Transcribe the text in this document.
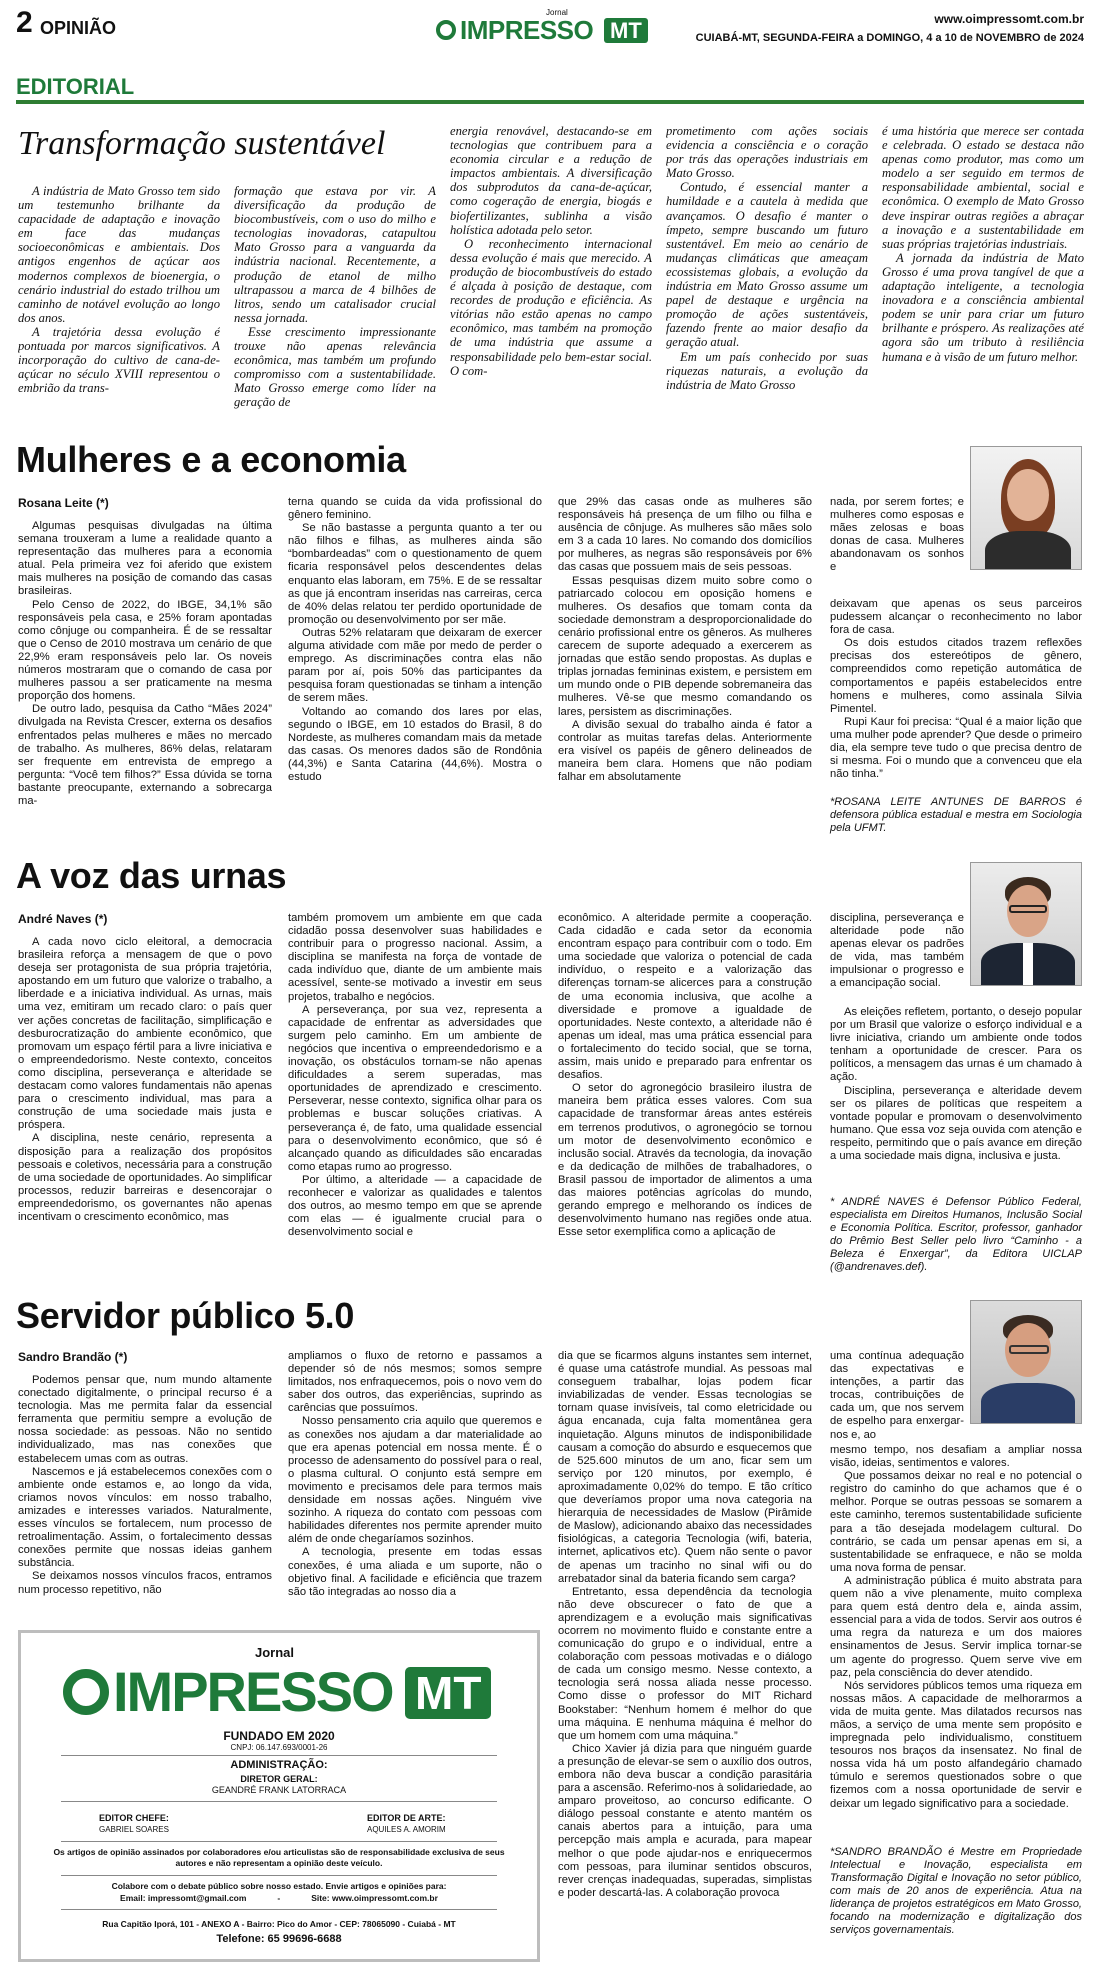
2 OPINIÃO
Jornal
IMPRESSO MT	www.oimpressomt.com.br
CUIABÁ-MT, SEGUNDA-FEIRA a DOMINGO, 4 a 10 de NOVEMBRO de 2024
EDITORIAL
Transformação sustentável

A indústria de Mato Grosso tem sido um testemunho brilhante da capacidade de adaptação e inovação em face das mudanças socioeconômicas e ambientais. Dos antigos engenhos de açúcar aos modernos complexos de bioenergia, o cenário industrial do estado trilhou um caminho de notável evolução ao longo dos anos.

A trajetória dessa evolução é pontuada por marcos significativos. A incorporação do cultivo de cana-de-açúcar no século XVIII representou o embrião da trans-

formação que estava por vir. A diversificação da produção de biocombustíveis, com o uso do milho e tecnologias inovadoras, catapultou Mato Grosso para a vanguarda da indústria nacional. Recentemente, a produção de etanol de milho ultrapassou a marca de 4 bilhões de litros, sendo um catalisador crucial nessa jornada.

Esse crescimento impressionante trouxe não apenas relevância econômica, mas também um profundo compromisso com a sustentabilidade. Mato Grosso emerge como líder na geração de

energia renovável, destacando-se em tecnologias que contribuem para a economia circular e a redução de impactos ambientais. A diversificação dos subprodutos da cana-de-açúcar, como cogeração de energia, biogás e biofertilizantes, sublinha a visão holística adotada pelo setor.

O reconhecimento internacional dessa evolução é mais que merecido. A produção de biocombustíveis do estado é alçada à posição de destaque, com recordes de produção e eficiência. As vitórias não estão apenas no campo econômico, mas também na promoção de uma indústria que assume a responsabilidade pelo bem-estar social. O com-

prometimento com ações sociais evidencia a consciência e o coração por trás das operações industriais em Mato Grosso.

Contudo, é essencial manter a humildade e a cautela à medida que avançamos. O desafio é manter o ímpeto, sempre buscando um futuro sustentável. Em meio ao cenário de mudanças climáticas que ameaçam ecossistemas globais, a evolução da indústria em Mato Grosso assume um papel de destaque e urgência na promoção de ações sustentáveis, fazendo frente ao maior desafio da geração atual.

Em um país conhecido por suas riquezas naturais, a evolução da indústria de Mato Grosso

é uma história que merece ser contada e celebrada. O estado se destaca não apenas como produtor, mas como um modelo a ser seguido em termos de responsabilidade ambiental, social e econômica. O exemplo de Mato Grosso deve inspirar outras regiões a abraçar a inovação e a sustentabilidade em suas próprias trajetórias industriais.

A jornada da indústria de Mato Grosso é uma prova tangível de que a adaptação inteligente, a tecnologia inovadora e a consciência ambiental podem se unir para criar um futuro brilhante e próspero. As realizações até agora são um tributo à resiliência humana e à visão de um futuro melhor.

Mulheres e a economia
Rosana Leite (*)

Algumas pesquisas divulgadas na última semana trouxeram a lume a realidade quanto a representação das mulheres para a economia atual. Pela primeira vez foi aferido que existem mais mulheres na posição de comando das casas brasileiras.

Pelo Censo de 2022, do IBGE, 34,1% são responsáveis pela casa, e 25% foram apontadas como cônjuge ou companheira. É de se ressaltar que o Censo de 2010 mostrava um cenário de que 22,9% eram responsáveis pelo lar. Os noveis números mostraram que o comando de casa por mulheres passou a ser praticamente na mesma proporção dos homens.

De outro lado, pesquisa da Catho “Mães 2024” divulgada na Revista Crescer, externa os desafios enfrentados pelas mulheres e mães no mercado de trabalho. As mulheres, 86% delas, relataram ser frequente em entrevista de emprego a pergunta: “Você tem filhos?” Essa dúvida se torna bastante preocupante, externando a sobrecarga ma-

terna quando se cuida da vida profissional do gênero feminino.

Se não bastasse a pergunta quanto a ter ou não filhos e filhas, as mulheres ainda são “bombardeadas” com o questionamento de quem ficaria responsável pelos descendentes delas enquanto elas laboram, em 75%. E de se ressaltar as que já encontram inseridas nas carreiras, cerca de 40% delas relatou ter perdido oportunidade de promoção ou desenvolvimento por ser mãe.

Outras 52% relataram que deixaram de exercer alguma atividade com mãe por medo de perder o emprego. As discriminações contra elas não param por aí, pois 50% das participantes da pesquisa foram questionadas se tinham a intenção de serem mães.

Voltando ao comando dos lares por elas, segundo o IBGE, em 10 estados do Brasil, 8 do Nordeste, as mulheres comandam mais da metade das casas. Os menores dados são de Rondônia (44,3%) e Santa Catarina (44,6%). Mostra o estudo

que 29% das casas onde as mulheres são responsáveis há presença de um filho ou filha e ausência de cônjuge. As mulheres são mães solo em 3 a cada 10 lares. No comando dos domicílios por mulheres, as negras são responsáveis por 6% das casas que possuem mais de seis pessoas.

Essas pesquisas dizem muito sobre como o patriarcado colocou em oposição homens e mulheres. Os desafios que tomam conta da sociedade demonstram a desproporcionalidade do cenário profissional entre os gêneros. As mulheres carecem de suporte adequado a exercerem as jornadas que estão sendo propostas. As duplas e triplas jornadas femininas existem, e persistem em um mundo onde o PIB depende sobremaneira das mulheres. Vê-se que mesmo comandando os lares, persistem as discriminações.

A divisão sexual do trabalho ainda é fator a controlar as muitas tarefas delas. Anteriormente era visível os papéis de gênero delineados de maneira bem clara. Homens que não podiam falhar em absolutamente

nada, por serem fortes; e mulheres como esposas e mães zelosas e boas donas de casa. Mulheres abandonavam os sonhos e

deixavam que apenas os seus parceiros pudessem alcançar o reconhecimento no labor fora de casa.

Os dois estudos citados trazem reflexões precisas dos estereótipos de gênero, compreendidos como repetição automática de comportamentos e papéis estabelecidos entre homens e mulheres, como assinala Silvia Pimentel.

Rupi Kaur foi precisa: “Qual é a maior lição que uma mulher pode aprender? Que desde o primeiro dia, ela sempre teve tudo o que precisa dentro de si mesma. Foi o mundo que a convenceu que ela não tinha.”

*ROSANA LEITE ANTUNES DE BARROS é defensora pública estadual e mestra em Sociologia pela UFMT.
A voz das urnas
André Naves (*)

A cada novo ciclo eleitoral, a democracia brasileira reforça a mensagem de que o povo deseja ser protagonista de sua própria trajetória, apostando em um futuro que valorize o trabalho, a liberdade e a iniciativa individual. As urnas, mais uma vez, emitiram um recado claro: o país quer ver ações concretas de facilitação, simplificação e desburocratização do ambiente econômico, que promovam um espaço fértil para a livre iniciativa e o empreendedorismo. Neste contexto, conceitos como disciplina, perseverança e alteridade se destacam como valores fundamentais não apenas para o crescimento individual, mas para a construção de uma sociedade mais justa e próspera.

A disciplina, neste cenário, representa a disposição para a realização dos propósitos pessoais e coletivos, necessária para a construção de uma sociedade de oportunidades. Ao simplificar processos, reduzir barreiras e desencorajar o empreendedorismo, os governantes não apenas incentivam o crescimento econômico, mas

também promovem um ambiente em que cada cidadão possa desenvolver suas habilidades e contribuir para o progresso nacional. Assim, a disciplina se manifesta na força de vontade de cada indivíduo que, diante de um ambiente mais acessível, sente-se motivado a investir em seus projetos, trabalho e negócios.

A perseverança, por sua vez, representa a capacidade de enfrentar as adversidades que surgem pelo caminho. Em um ambiente de negócios que incentiva o empreendedorismo e a inovação, os obstáculos tornam-se não apenas dificuldades a serem superadas, mas oportunidades de aprendizado e crescimento. Perseverar, nesse contexto, significa olhar para os problemas e buscar soluções criativas. A perseverança é, de fato, uma qualidade essencial para o desenvolvimento econômico, que só é alcançado quando as dificuldades são encaradas como etapas rumo ao progresso.

Por último, a alteridade — a capacidade de reconhecer e valorizar as qualidades e talentos dos outros, ao mesmo tempo em que se aprende com elas — é igualmente crucial para o desenvolvimento social e

econômico. A alteridade permite a cooperação. Cada cidadão e cada setor da economia encontram espaço para contribuir com o todo. Em uma sociedade que valoriza o potencial de cada indivíduo, o respeito e a valorização das diferenças tornam-se alicerces para a construção de uma economia inclusiva, que acolhe a diversidade e promove a igualdade de oportunidades. Neste contexto, a alteridade não é apenas um ideal, mas uma prática essencial para o fortalecimento do tecido social, que se torna, assim, mais unido e preparado para enfrentar os desafios.

O setor do agronegócio brasileiro ilustra de maneira bem prática esses valores. Com sua capacidade de transformar áreas antes estéreis em terrenos produtivos, o agronegócio se tornou um motor de desenvolvimento econômico e inclusão social. Através da tecnologia, da inovação e da dedicação de milhões de trabalhadores, o Brasil passou de importador de alimentos a uma das maiores potências agrícolas do mundo, gerando emprego e melhorando os índices de desenvolvimento humano nas regiões onde atua. Esse setor exemplifica como a aplicação de

disciplina, perseverança e alteridade pode não apenas elevar os padrões de vida, mas também impulsionar o progresso e a emancipação social.

As eleições refletem, portanto, o desejo popular por um Brasil que valorize o esforço individual e a livre iniciativa, criando um ambiente onde todos tenham a oportunidade de crescer. Para os políticos, a mensagem das urnas é um chamado à ação.

Disciplina, perseverança e alteridade devem ser os pilares de políticas que respeitem a vontade popular e promovam o desenvolvimento humano. Que essa voz seja ouvida com atenção e respeito, permitindo que o país avance em direção a uma sociedade mais digna, inclusiva e justa.

* ANDRÉ NAVES é Defensor Público Federal, especialista em Direitos Humanos, Inclusão Social e Economia Política. Escritor, professor, ganhador do Prêmio Best Seller pelo livro “Caminho - a Beleza é Enxergar”, da Editora UICLAP (@andrenaves.def).
Servidor público 5.0
Sandro Brandão (*)

Podemos pensar que, num mundo altamente conectado digitalmente, o principal recurso é a tecnologia. Mas me permita falar da essencial ferramenta que permitiu sempre a evolução de nossa sociedade: as pessoas. Não no sentido individualizado, mas nas conexões que estabelecem umas com as outras.

Nascemos e já estabelecemos conexões com o ambiente onde estamos e, ao longo da vida, criamos novos vínculos: em nosso trabalho, amizades e interesses variados. Naturalmente, esses vínculos se fortalecem, num processo de retroalimentação. Assim, o fortalecimento dessas conexões permite que nossas ideias ganhem substância.

Se deixamos nossos vínculos fracos, entramos num processo repetitivo, não

ampliamos o fluxo de retorno e passamos a depender só de nós mesmos; somos sempre limitados, nos enfraquecemos, pois o novo vem do saber dos outros, das experiências, suprindo as carências que possuímos.

Nosso pensamento cria aquilo que queremos e as conexões nos ajudam a dar materialidade ao que era apenas potencial em nossa mente. É o processo de adensamento do possível para o real, o plasma cultural. O conjunto está sempre em movimento e precisamos dele para termos mais densidade em nossas ações. Ninguém vive sozinho. A riqueza do contato com pessoas com habilidades diferentes nos permite aprender muito além de onde chegaríamos sozinhos.

A tecnologia, presente em todas essas conexões, é uma aliada e um suporte, não o objetivo final. A facilidade e eficiência que trazem são tão integradas ao nosso dia a

dia que se ficarmos alguns instantes sem internet, é quase uma catástrofe mundial. As pessoas mal conseguem trabalhar, lojas podem ficar inviabilizadas de vender. Essas tecnologias se tornam quase invisíveis, tal como eletricidade ou água encanada, cuja falta momentânea gera inquietação. Alguns minutos de indisponibilidade causam a comoção do absurdo e esquecemos que de 525.600 minutos de um ano, ficar sem um serviço por 120 minutos, por exemplo, é aproximadamente 0,02% do tempo. E tão crítico que deveríamos propor uma nova categoria na hierarquia de necessidades de Maslow (Pirâmide de Maslow), adicionando abaixo das necessidades fisiológicas, a categoria Tecnologia (wifi, bateria, internet, aplicativos etc). Quem não sente o pavor de apenas um tracinho no sinal wifi ou do arrebatador sinal da bateria ficando sem carga?

Entretanto, essa dependência da tecnologia não deve obscurecer o fato de que a aprendizagem e a evolução mais significativas ocorrem no movimento fluido e constante entre a comunicação do grupo e o individual, entre a colaboração com pessoas motivadas e o diálogo de cada um consigo mesmo. Nesse contexto, a tecnologia será nossa aliada nesse processo. Como disse o professor do MIT Richard Bookstaber: “Nenhum homem é melhor do que uma máquina. E nenhuma máquina é melhor do que um homem com uma máquina.”

Chico Xavier já dizia para que ninguém guarde a presunção de elevar-se sem o auxílio dos outros, embora não deva buscar a condição parasitária para a ascensão. Referimo-nos à solidariedade, ao amparo proveitoso, ao concurso edificante. O diálogo pessoal constante e atento mantém os canais abertos para a intuição, para uma percepção mais ampla e acurada, para mapear melhor o que pode ajudar-nos e enriquecermos com pessoas, para iluminar sentidos obscuros, rever crenças inadequadas, superadas, simplistas e poder descartá-las. A colaboração provoca

uma contínua adequação das expectativas e intenções, a partir das trocas, contribuições de cada um, que nos servem de espelho para enxergar-nos e, ao

mesmo tempo, nos desafiam a ampliar nossa visão, ideias, sentimentos e valores.

Que possamos deixar no real e no potencial o registro do caminho do que achamos que é o melhor. Porque se outras pessoas se somarem a este caminho, teremos sustentabilidade suficiente para a tão desejada modelagem cultural. Do contrário, se cada um pensar apenas em si, a sustentabilidade se enfraquece, e não se molda uma nova forma de pensar.

A administração pública é muito abstrata para quem não a vive plenamente, muito complexa para quem está dentro dela e, ainda assim, essencial para a vida de todos. Servir aos outros é uma regra da natureza e um dos maiores ensinamentos de Jesus. Servir implica tornar-se um agente do progresso. Quem serve vive em paz, pela consciência do dever atendido.

Nós servidores públicos temos uma riqueza em nossas mãos. A capacidade de melhorarmos a vida de muita gente. Mas dilatados recursos nas mãos, a serviço de uma mente sem propósito e impregnada pelo individualismo, constituem tesouros nos braços da insensatez. No final de nossa vida há um posto alfandegário chamado túmulo e seremos questionados sobre o que fizemos com a nossa oportunidade de servir e deixar um legado significativo para a sociedade.

*SANDRO BRANDÃO é Mestre em Propriedade Intelectual e Inovação, especialista em Transformação Digital e Inovação no setor público, com mais de 20 anos de experiência. Atua na liderança de projetos estratégicos em Mato Grosso, focando na modernização e digitalização dos serviços governamentais.
Jornal
IMPRESSO MT
FUNDADO EM 2020
CNPJ: 06.147.693/0001-26
ADMINISTRAÇÃO:
DIRETOR GERAL:
GEANDRÉ FRANK LATORRACA
EDITOR CHEFE:
GABRIEL SOARES
EDITOR DE ARTE:
AQUILES A. AMORIM
Os artigos de opinião assinados por colaboradores e/ou articulistas são de responsabilidade exclusiva de seus autores e não representam a opinião deste veículo.
Colabore com o debate público sobre nosso estado. Envie artigos e opiniões para:
Email: impressomt@gmail.com	-	Site: www.oimpressomt.com.br
Rua Capitão Iporá, 101 - ANEXO A - Bairro: Pico do Amor - CEP: 78065090 - Cuiabá - MT
Telefone: 65 99696-6688
